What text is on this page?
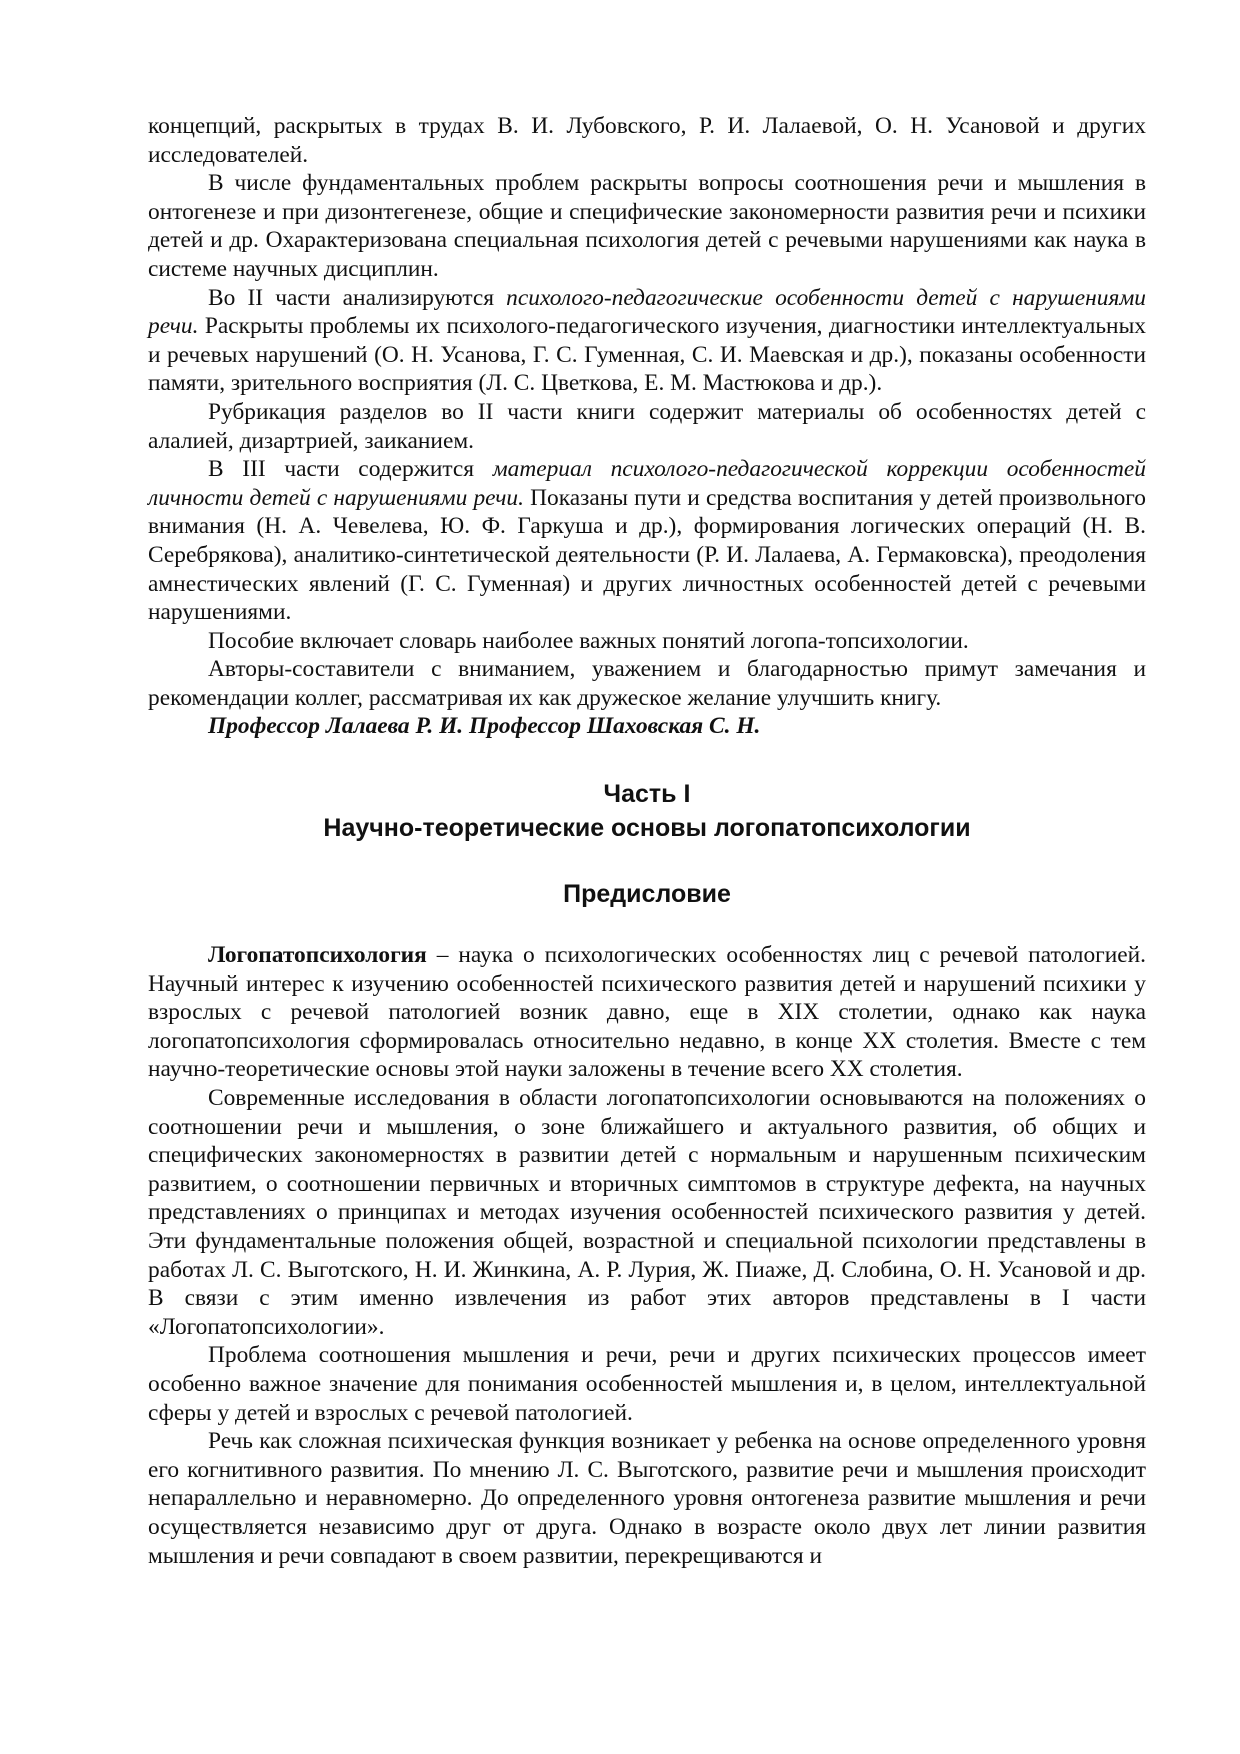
концепций, раскрытых в трудах В. И. Лубовского, Р. И. Лалаевой, О. Н. Усановой и других исследователей.

В числе фундаментальных проблем раскрыты вопросы соотношения речи и мышления в онтогенезе и при дизонтегенезе, общие и специфические закономерности развития речи и психики детей и др. Охарактеризована специальная психология детей с речевыми нарушениями как наука в системе научных дисциплин.

Во II части анализируются психолого-педагогические особенности детей с нарушениями речи. Раскрыты проблемы их психолого-педагогического изучения, диагностики интеллектуальных и речевых нарушений (О. Н. Усанова, Г. С. Гуменная, С. И. Маевская и др.), показаны особенности памяти, зрительного восприятия (Л. С. Цветкова, Е. М. Мастюкова и др.).

Рубрикация разделов во II части книги содержит материалы об особенностях детей с алалией, дизартрией, заиканием.

В III части содержится материал психолого-педагогической коррекции особенностей личности детей с нарушениями речи. Показаны пути и средства воспитания у детей произвольного внимания (Н. А. Чевелева, Ю. Ф. Гаркуша и др.), формирования логических операций (Н. В. Серебрякова), аналитико-синтетической деятельности (Р. И. Лалаева, А. Гермаковска), преодоления амнестических явлений (Г. С. Гуменная) и других личностных особенностей детей с речевыми нарушениями.

Пособие включает словарь наиболее важных понятий логопа-топсихологии.

Авторы-составители с вниманием, уважением и благодарностью примут замечания и рекомендации коллег, рассматривая их как дружеское желание улучшить книгу.

Профессор Лалаева Р. И. Профессор Шаховская С. Н.

Часть I
Научно-теоретические основы логопатопсихологии
Предисловие

Логопатопсихология – наука о психологических особенностях лиц с речевой патологией. Научный интерес к изучению особенностей психического развития детей и нарушений психики у взрослых с речевой патологией возник давно, еще в XIX столетии, однако как наука логопатопсихология сформировалась относительно недавно, в конце XX столетия. Вместе с тем научно-теоретические основы этой науки заложены в течение всего XX столетия.

Современные исследования в области логопатопсихологии основываются на положениях о соотношении речи и мышления, о зоне ближайшего и актуального развития, об общих и специфических закономерностях в развитии детей с нормальным и нарушенным психическим развитием, о соотношении первичных и вторичных симптомов в структуре дефекта, на научных представлениях о принципах и методах изучения особенностей психического развития у детей. Эти фундаментальные положения общей, возрастной и специальной психологии представлены в работах Л. С. Выготского, Н. И. Жинкина, А. Р. Лурия, Ж. Пиаже, Д. Слобина, О. Н. Усановой и др. В связи с этим именно извлечения из работ этих авторов представлены в I части «Логопатопсихологии».

Проблема соотношения мышления и речи, речи и других психических процессов имеет особенно важное значение для понимания особенностей мышления и, в целом, интеллектуальной сферы у детей и взрослых с речевой патологией.

Речь как сложная психическая функция возникает у ребенка на основе определенного уровня его когнитивного развития. По мнению Л. С. Выготского, развитие речи и мышления происходит непараллельно и неравномерно. До определенного уровня онтогенеза развитие мышления и речи осуществляется независимо друг от друга. Однако в возрасте около двух лет линии развития мышления и речи совпадают в своем развитии, перекрещиваются и
